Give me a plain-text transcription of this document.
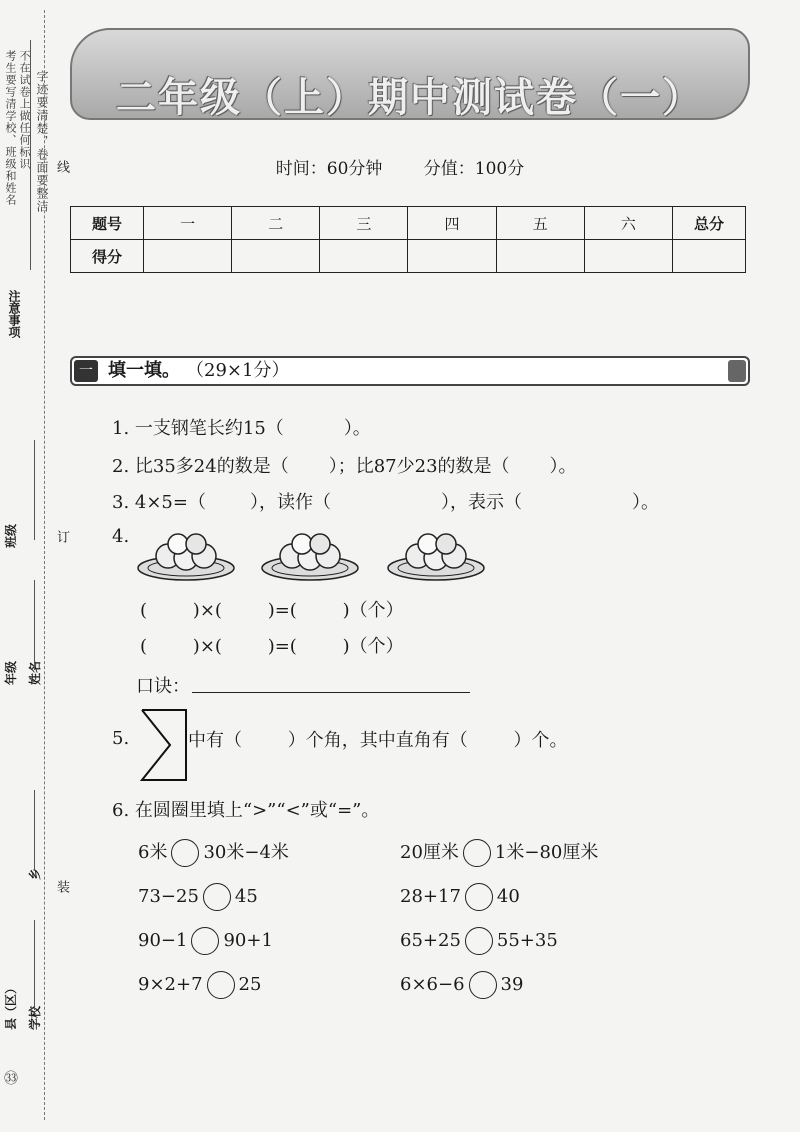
考生要写清学校、班级和姓名 不在试卷上做任何标识 字迹要清楚，卷面要整洁
注意事项
线
订
装
班级
年级 姓名
乡
县（区） 学校
㉝
二年级（上）期中测试卷（一）
时间：60分钟 分值：100分
题号	一	二	三	四	五	六	总分
得分							
一 填一填。 （29×1分）
1. 一支钢笔长约15（	）。
2. 比35多24的数是（ ）；比87少23的数是（ ）。
3. 4×5=（ ），读作（	），表示（	）。
4.
(        )×(        )=(        )（个）
(        )×(        )=(        )（个）
口诀：
5.	中有（        ）个角，其中直角有（        ）个。
6. 在圆圈里填上“>”“<”或“=”。
6米 30米−4米
73−25 45
90−1 90+1
9×2+7 25
20厘米 1米−80厘米
28+17 40
65+25 55+35
6×6−6 39
